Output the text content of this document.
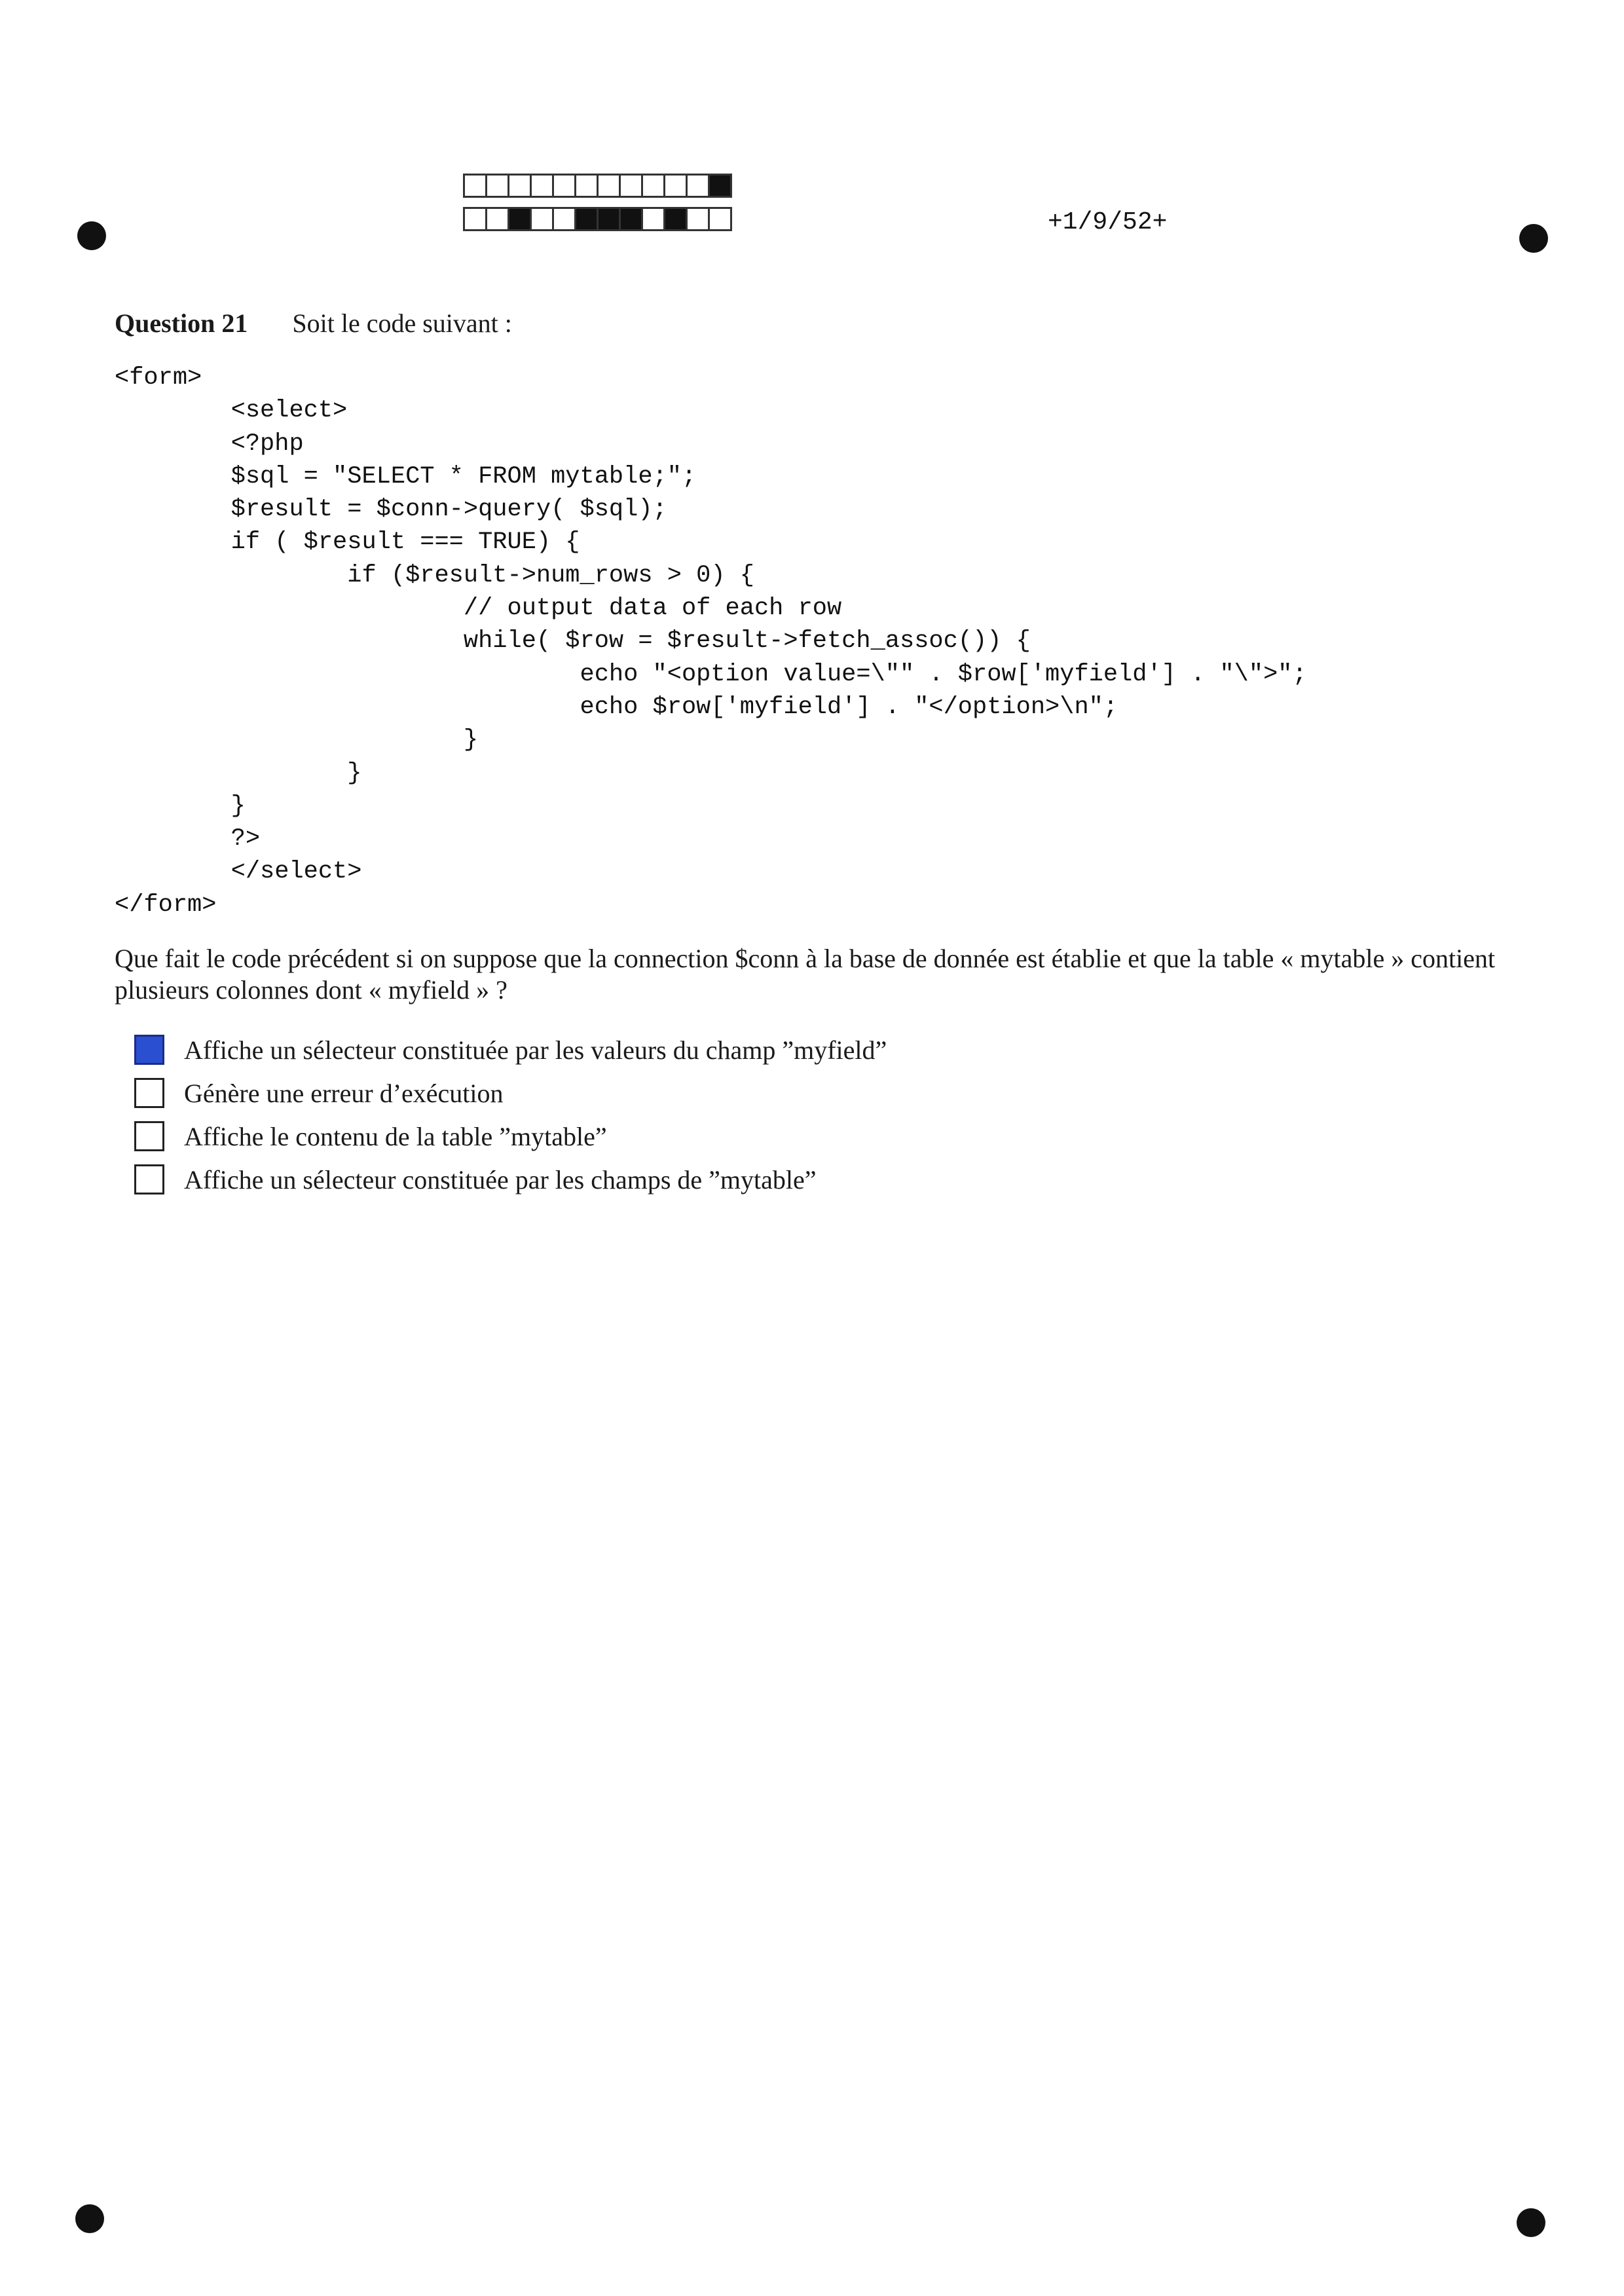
+1/9/52+
Question 21 Soit le code suivant :
<form>
<select>
<?php
$sql = "SELECT * FROM mytable;";
$result = $conn->query( $sql);
if ( $result === TRUE) {
if ($result->num_rows > 0) {
// output data of each row
while( $row = $result->fetch_assoc()) {
echo "<option value=\"" . $row['myfield'] . "\">";
echo $row['myfield'] . "</option>\n";
}
}
}
?>
</select>
</form>
Que fait le code précédent si on suppose que la connection $conn à la base de donnée est établie et que la table « mytable » contient plusieurs colonnes dont « myfield » ?
Affiche un sélecteur constituée par les valeurs du champ ”myfield”
Génère une erreur d’exécution
Affiche le contenu de la table ”mytable”
Affiche un sélecteur constituée par les champs de ”mytable”
